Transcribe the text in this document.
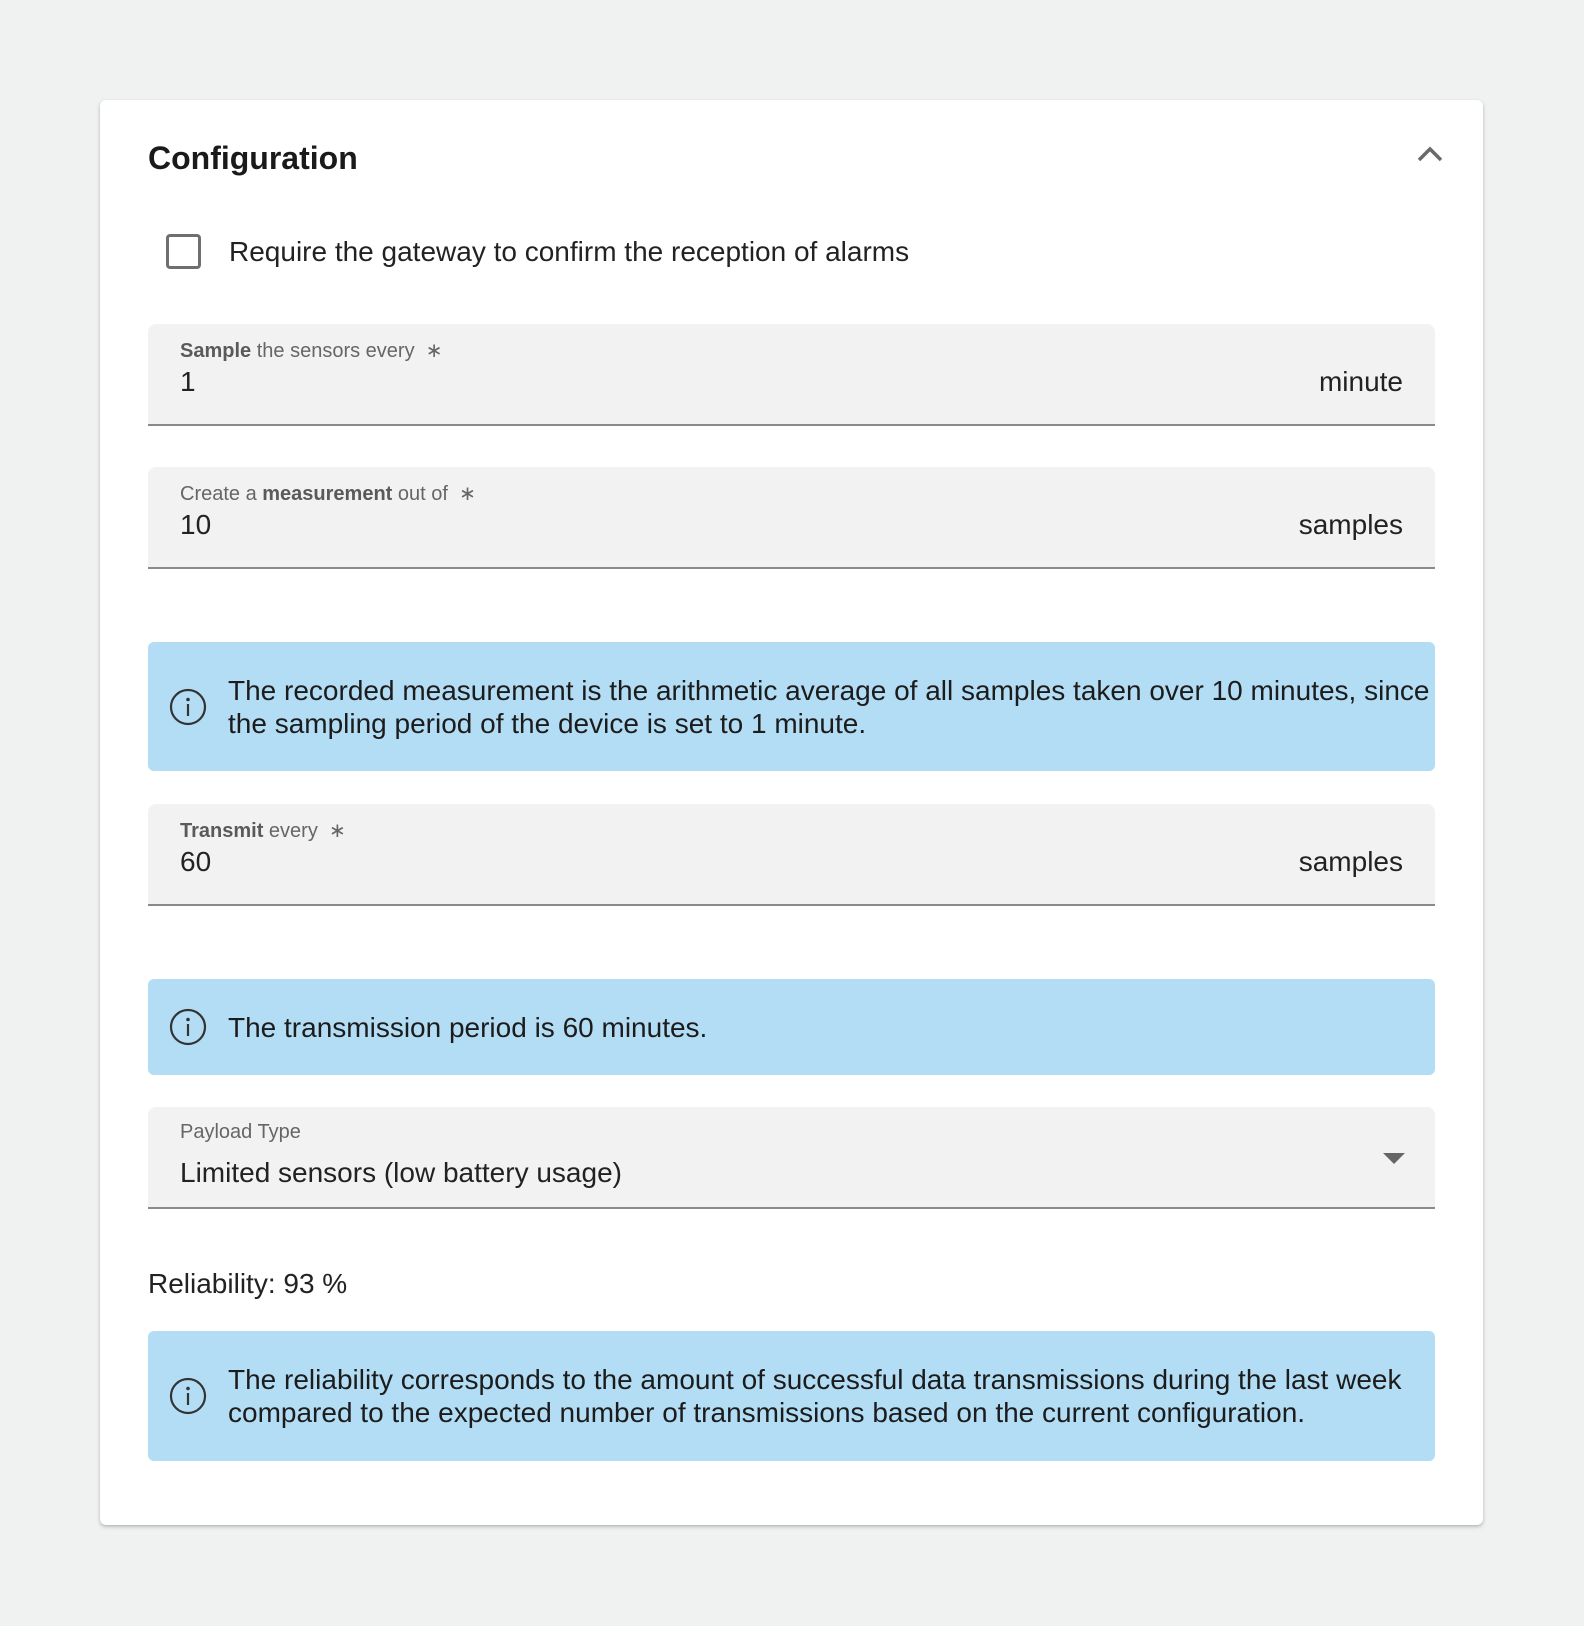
Configuration
Require the gateway to confirm the reception of alarms
Sample the sensors every ∗
1	minute
Create a measurement out of ∗
10	samples

The recorded measurement is the arithmetic average of all samples taken over 10 minutes, since the sampling period of the device is set to 1 minute.

Transmit every ∗
60	samples

The transmission period is 60 minutes.

Payload Type
Limited sensors (low battery usage)
Reliability: 93 %

The reliability corresponds to the amount of successful data transmissions during the last week compared to the expected number of transmissions based on the current configuration.
